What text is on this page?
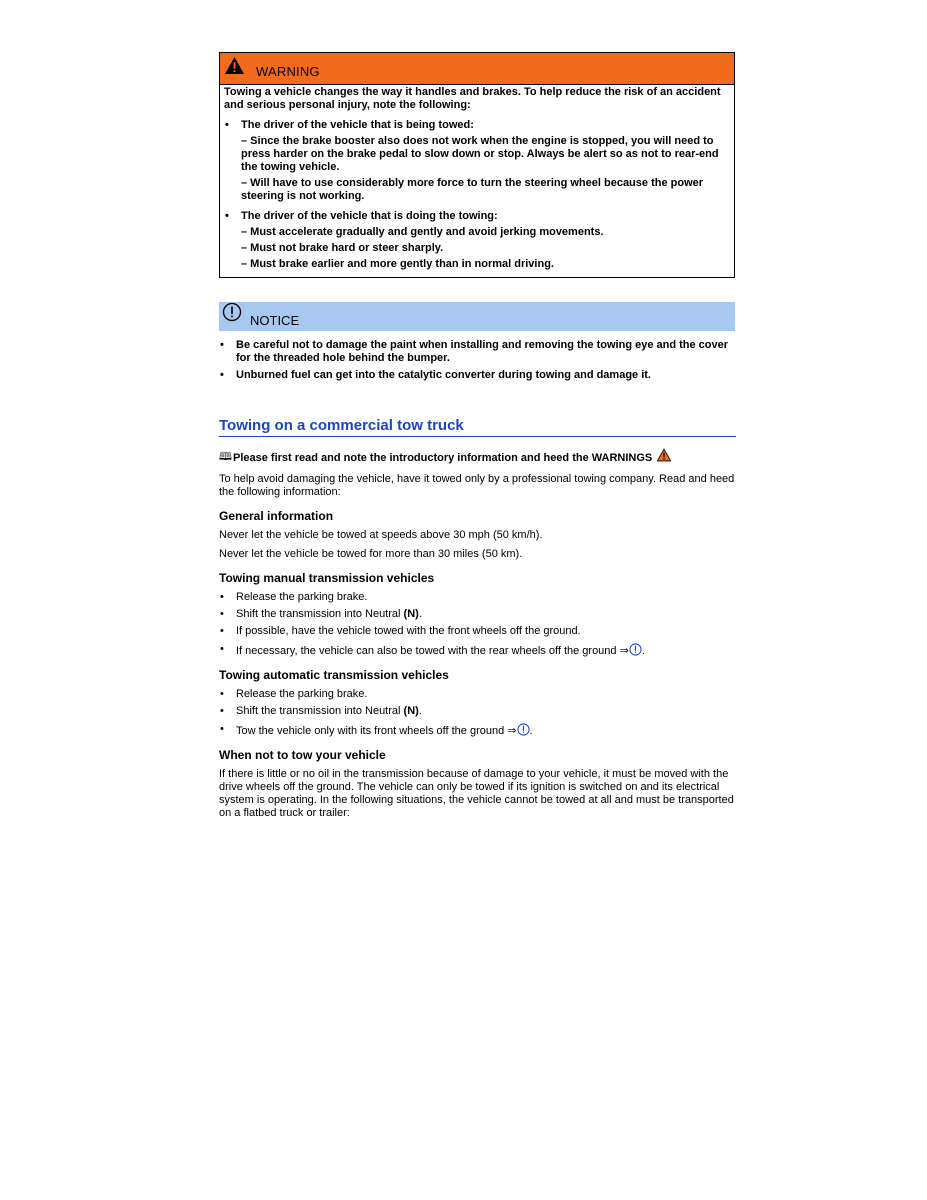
WARNING

Towing a vehicle changes the way it handles and brakes. To help reduce the risk of an accident and serious personal injury, note the following:

• The driver of the vehicle that is being towed:
– Since the brake booster also does not work when the engine is stopped, you will need to press harder on the brake pedal to slow down or stop. Always be alert so as not to rear-end the towing vehicle.
– Will have to use considerably more force to turn the steering wheel because the power steering is not working.
• The driver of the vehicle that is doing the towing:
– Must accelerate gradually and gently and avoid jerking movements.
– Must not brake hard or steer sharply.
– Must brake earlier and more gently than in normal driving.
NOTICE
• Be careful not to damage the paint when installing and removing the towing eye and the cover for the threaded hole behind the bumper.
• Unburned fuel can get into the catalytic converter during towing and damage it.
Towing on a commercial tow truck
🕮 Please first read and note the introductory information and heed the WARNINGS
To help avoid damaging the vehicle, have it towed only by a professional towing company. Read and heed the following information:
General information
Never let the vehicle be towed at speeds above 30 mph (50 km/h).
Never let the vehicle be towed for more than 30 miles (50 km).
Towing manual transmission vehicles
• Release the parking brake.
• Shift the transmission into Neutral (N).
• If possible, have the vehicle towed with the front wheels off the ground.
• If necessary, the vehicle can also be towed with the rear wheels off the ground ⇒ .
Towing automatic transmission vehicles
• Release the parking brake.
• Shift the transmission into Neutral (N).
• Tow the vehicle only with its front wheels off the ground ⇒ .
When not to tow your vehicle
If there is little or no oil in the transmission because of damage to your vehicle, it must be moved with the drive wheels off the ground. The vehicle can only be towed if its ignition is switched on and its electrical system is operating. In the following situations, the vehicle cannot be towed at all and must be transported on a flatbed truck or trailer:
